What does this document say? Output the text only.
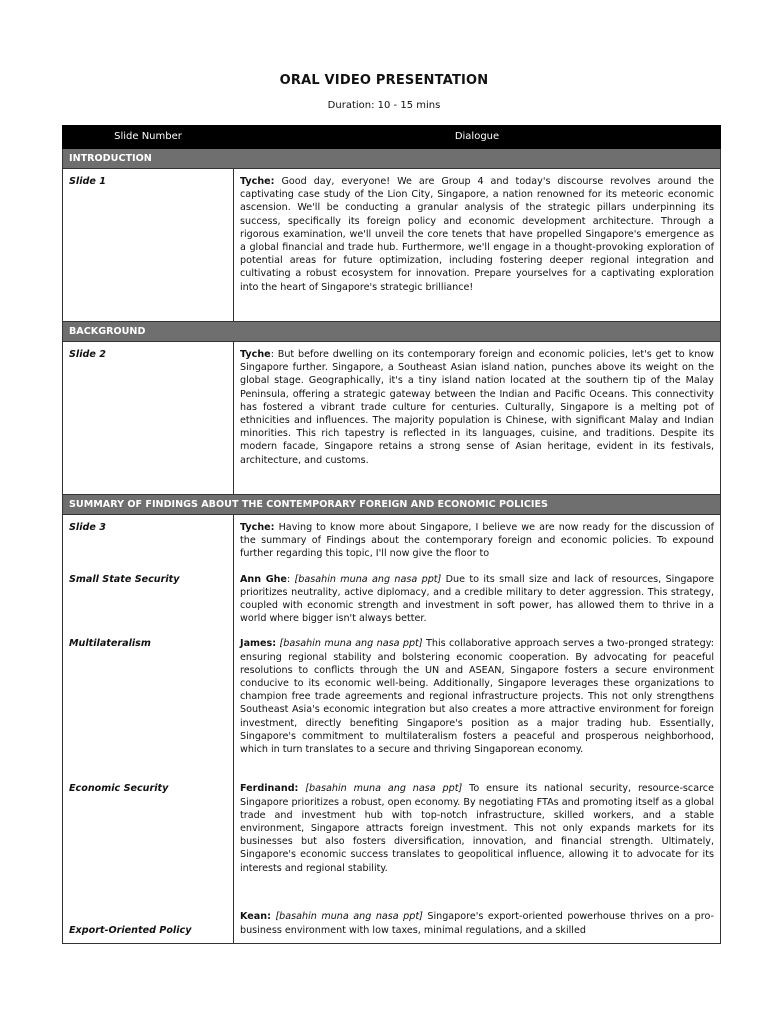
ORAL VIDEO PRESENTATION
Duration: 10 - 15 mins
Slide Number	Dialogue
INTRODUCTION	

Slide 1	Tyche: Good day, everyone! We are Group 4 and today's discourse revolves around the captivating case study of the Lion City, Singapore, a nation renowned for its meteoric economic ascension. We'll be conducting a granular analysis of the strategic pillars underpinning its success, specifically its foreign policy and economic development architecture. Through a rigorous examination, we'll unveil the core tenets that have propelled Singapore's emergence as a global financial and trade hub. Furthermore, we'll engage in a thought-provoking exploration of potential areas for future optimization, including fostering deeper regional integration and cultivating a robust ecosystem for innovation. Prepare yourselves for a captivating exploration into the heart of Singapore's strategic brilliance!

BACKGROUND	

Slide 2	Tyche: But before dwelling on its contemporary foreign and economic policies, let's get to know Singapore further. Singapore, a Southeast Asian island nation, punches above its weight on the global stage. Geographically, it's a tiny island nation located at the southern tip of the Malay Peninsula, offering a strategic gateway between the Indian and Pacific Oceans. This connectivity has fostered a vibrant trade culture for centuries. Culturally, Singapore is a melting pot of ethnicities and influences. The majority population is Chinese, with significant Malay and Indian minorities. This rich tapestry is reflected in its languages, cuisine, and traditions. Despite its modern facade, Singapore retains a strong sense of Asian heritage, evident in its festivals, architecture, and customs.

SUMMARY OF FINDINGS ABOUT THE CONTEMPORARY FOREIGN AND ECONOMIC POLICIES	

Slide 3	Tyche: Having to know more about Singapore, I believe we are now ready for the discussion of the summary of Findings about the contemporary foreign and economic policies. To expound further regarding this topic, I'll now give the floor to

Small State Security	Ann Ghe: [basahin muna ang nasa ppt] Due to its small size and lack of resources, Singapore prioritizes neutrality, active diplomacy, and a credible military to deter aggression. This strategy, coupled with economic strength and investment in soft power, has allowed them to thrive in a world where bigger isn't always better.

Multilateralism	James: [basahin muna ang nasa ppt] This collaborative approach serves a two-pronged strategy: ensuring regional stability and bolstering economic cooperation. By advocating for peaceful resolutions to conflicts through the UN and ASEAN, Singapore fosters a secure environment conducive to its economic well-being. Additionally, Singapore leverages these organizations to champion free trade agreements and regional infrastructure projects. This not only strengthens Southeast Asia's economic integration but also creates a more attractive environment for foreign investment, directly benefiting Singapore's position as a major trading hub. Essentially, Singapore's commitment to multilateralism fosters a peaceful and prosperous neighborhood, which in turn translates to a secure and thriving Singaporean economy.

Economic Security	Ferdinand: [basahin muna ang nasa ppt] To ensure its national security, resource-scarce Singapore prioritizes a robust, open economy. By negotiating FTAs and promoting itself as a global trade and investment hub with top-notch infrastructure, skilled workers, and a stable environment, Singapore attracts foreign investment. This not only expands markets for its businesses but also fosters diversification, innovation, and financial strength. Ultimately, Singapore's economic success translates to geopolitical influence, allowing it to advocate for its interests and regional stability.

Export-Oriented Policy	Kean: [basahin muna ang nasa ppt] Singapore's export-oriented powerhouse thrives on a pro-business environment with low taxes, minimal regulations, and a skilled
